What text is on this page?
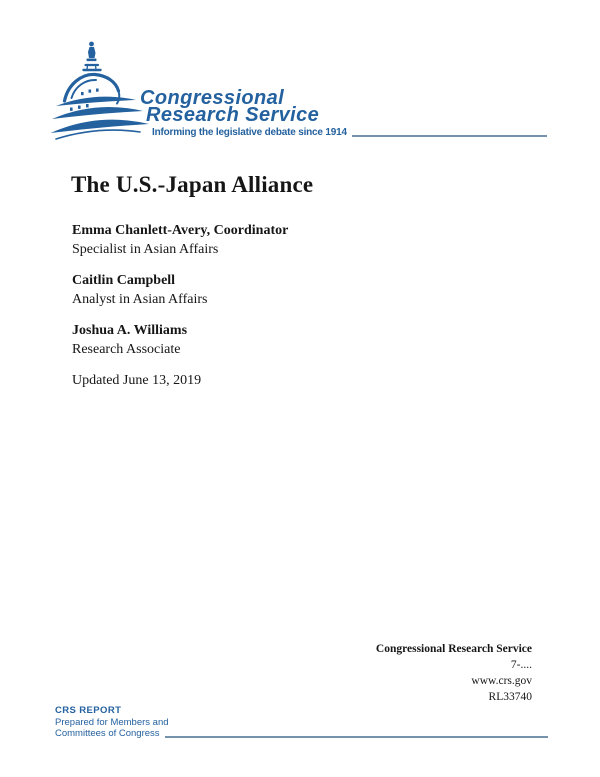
Congressional
Research Service
Informing the legislative debate since 1914
The U.S.-Japan Alliance
Emma Chanlett-Avery, Coordinator
Specialist in Asian Affairs
Caitlin Campbell
Analyst in Asian Affairs
Joshua A. Williams
Research Associate
Updated June 13, 2019
Congressional Research Service
7-....
www.crs.gov
RL33740
CRS REPORT
Prepared for Members and
Committees of Congress
